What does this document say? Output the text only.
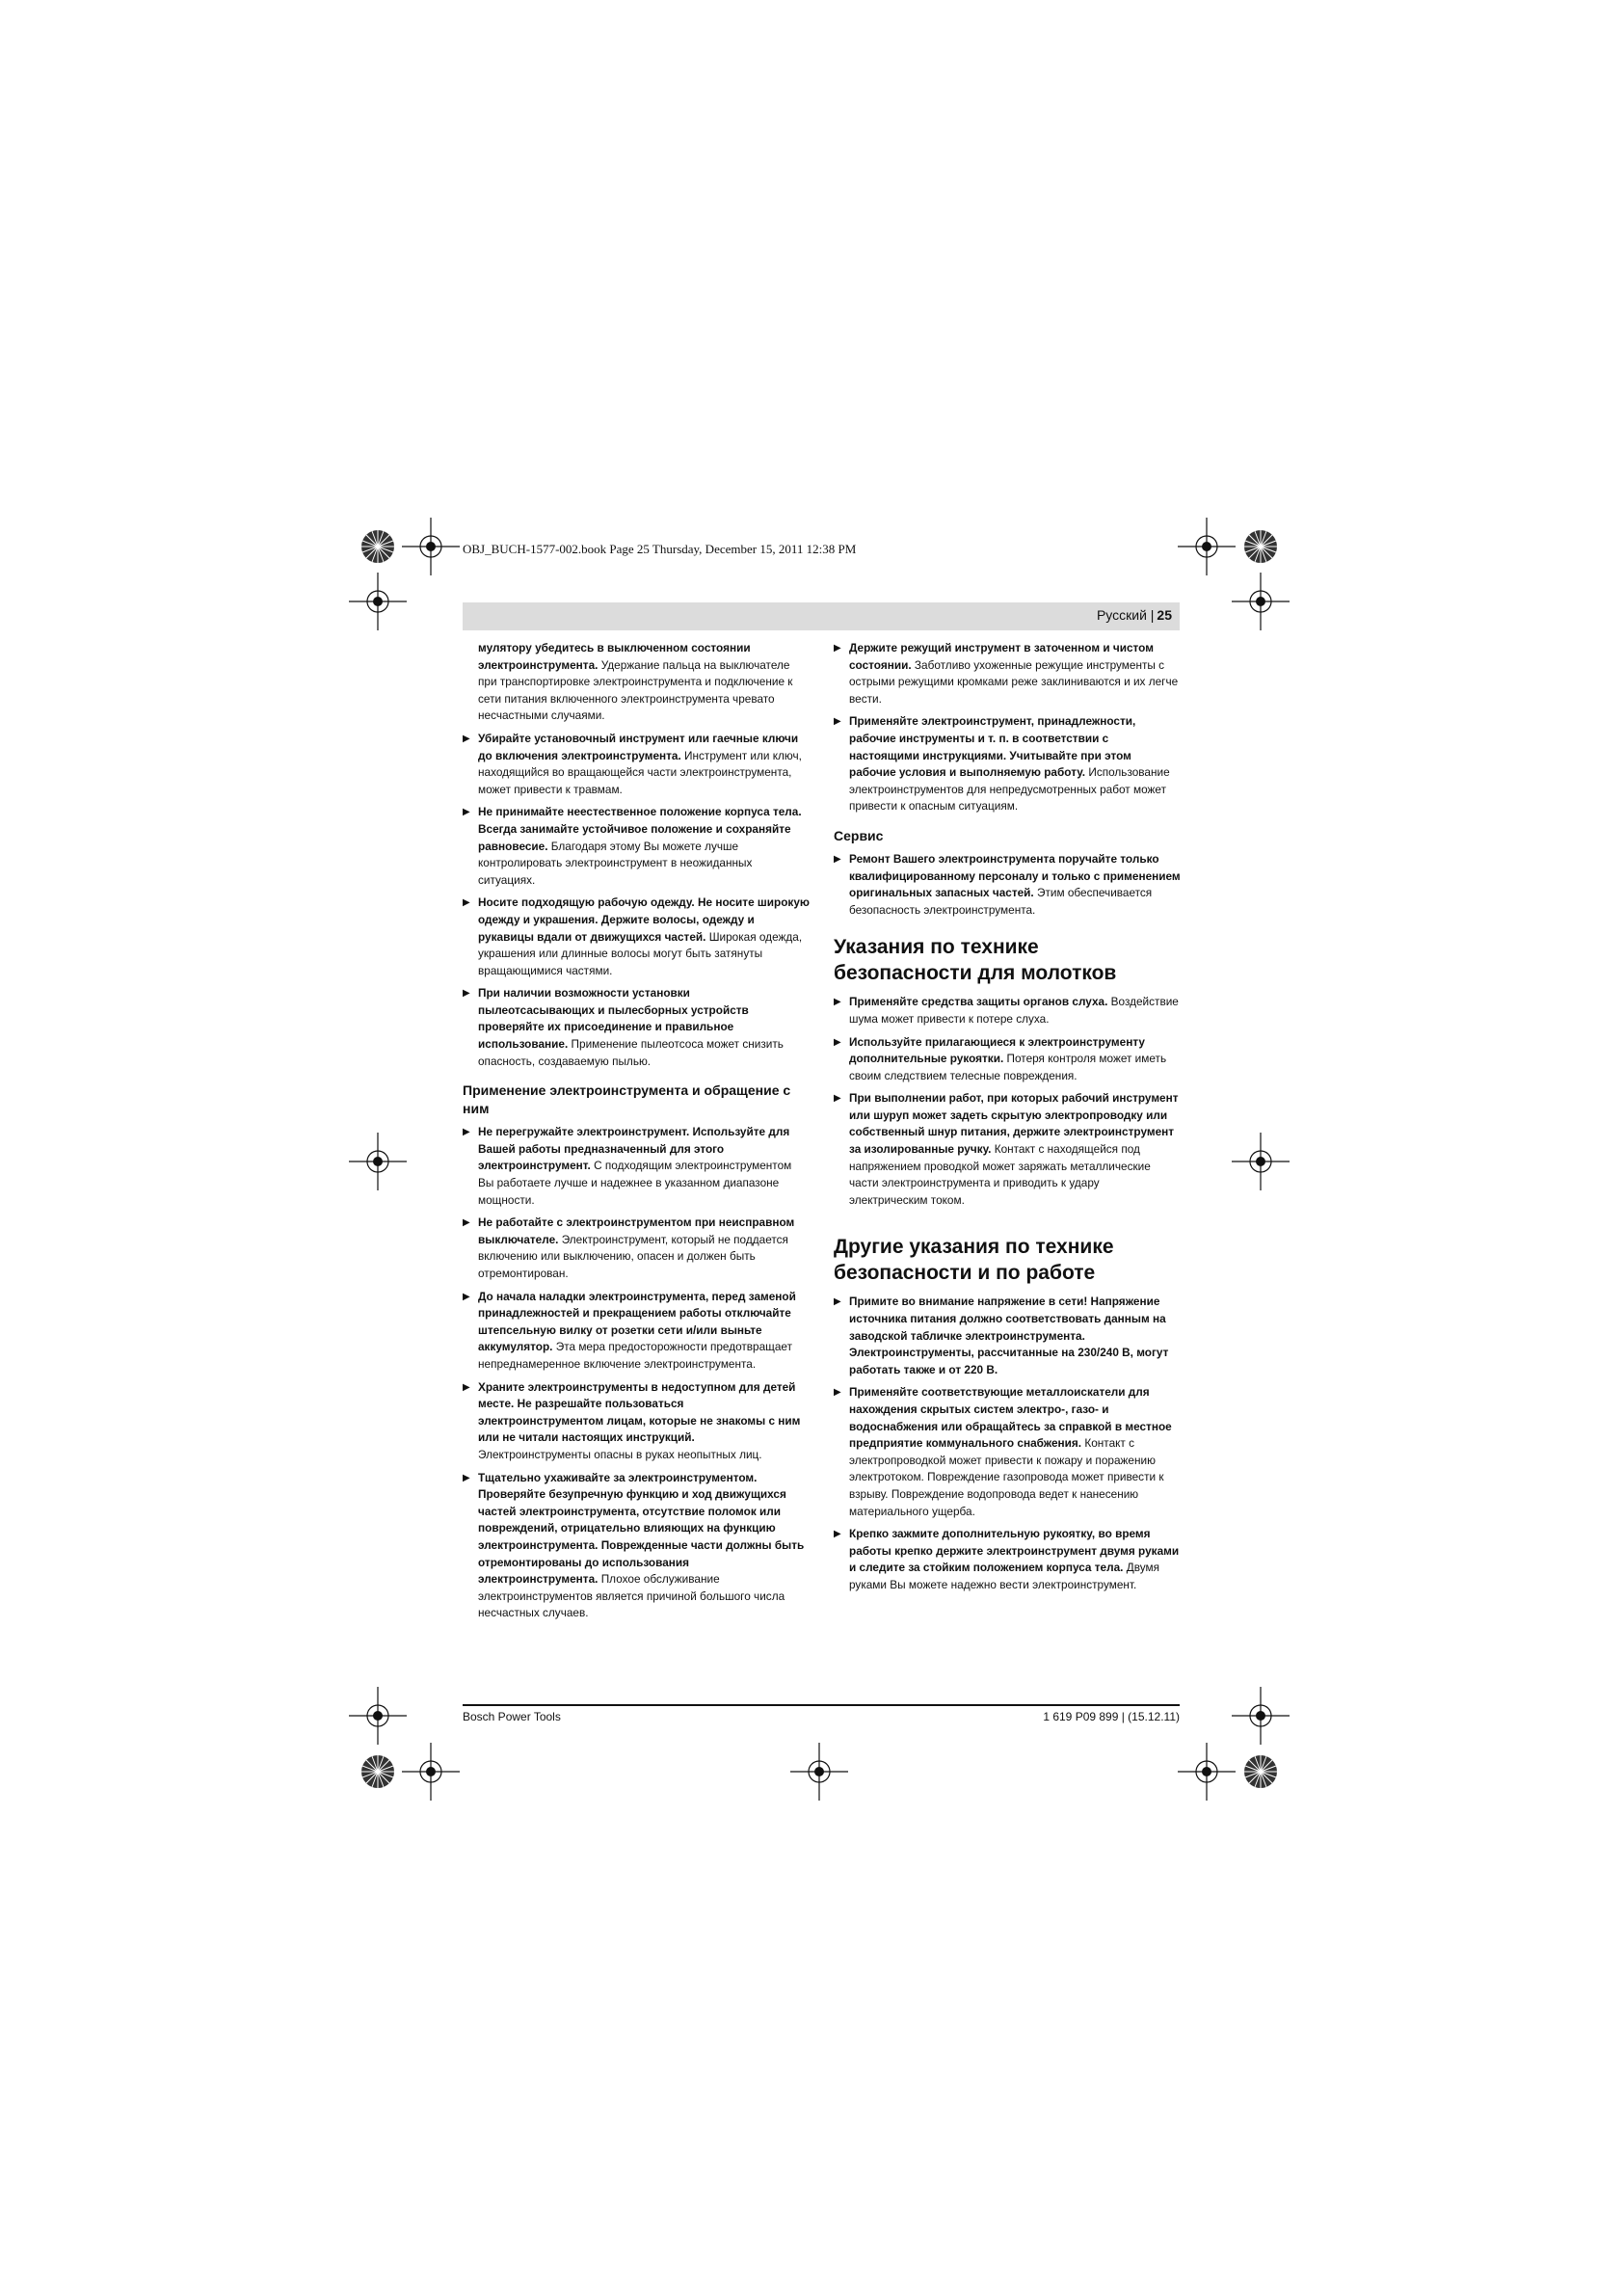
OBJ_BUCH-1577-002.book Page 25 Thursday, December 15, 2011 12:38 PM
Русский | 25
мулятору убедитесь в выключенном состоянии электроинструмента. Удержание пальца на выключателе при транспортировке электроинструмента и подключение к сети питания включенного электроинструмента чревато несчастными случаями.
▶ Убирайте установочный инструмент или гаечные ключи до включения электроинструмента. Инструмент или ключ, находящийся во вращающейся части электроинструмента, может привести к травмам.
▶ Не принимайте неестественное положение корпуса тела. Всегда занимайте устойчивое положение и сохраняйте равновесие. Благодаря этому Вы можете лучше контролировать электроинструмент в неожиданных ситуациях.
▶ Носите подходящую рабочую одежду. Не носите широкую одежду и украшения. Держите волосы, одежду и рукавицы вдали от движущихся частей. Широкая одежда, украшения или длинные волосы могут быть затянуты вращающимися частями.
▶ При наличии возможности установки пылеотсасывающих и пылесборных устройств проверяйте их присоединение и правильное использование. Применение пылеотсоса может снизить опасность, создаваемую пылью.
Применение электроинструмента и обращение с ним
▶ Не перегружайте электроинструмент. Используйте для Вашей работы предназначенный для этого электроинструмент. С подходящим электроинструментом Вы работаете лучше и надежнее в указанном диапазоне мощности.
▶ Не работайте с электроинструментом при неисправном выключателе. Электроинструмент, который не поддается включению или выключению, опасен и должен быть отремонтирован.
▶ До начала наладки электроинструмента, перед заменой принадлежностей и прекращением работы отключайте штепсельную вилку от розетки сети и/или выньте аккумулятор. Эта мера предосторожности предотвращает непреднамеренное включение электроинструмента.
▶ Храните электроинструменты в недоступном для детей месте. Не разрешайте пользоваться электроинструментом лицам, которые не знакомы с ним или не читали настоящих инструкций. Электроинструменты опасны в руках неопытных лиц.
▶ Тщательно ухаживайте за электроинструментом. Проверяйте безупречную функцию и ход движущихся частей электроинструмента, отсутствие поломок или повреждений, отрицательно влияющих на функцию электроинструмента. Поврежденные части должны быть отремонтированы до использования электроинструмента. Плохое обслуживание электроинструментов является причиной большого числа несчастных случаев.
▶ Держите режущий инструмент в заточенном и чистом состоянии. Заботливо ухоженные режущие инструменты с острыми режущими кромками реже заклиниваются и их легче вести.
▶ Применяйте электроинструмент, принадлежности, рабочие инструменты и т. п. в соответствии с настоящими инструкциями. Учитывайте при этом рабочие условия и выполняемую работу. Использование электроинструментов для непредусмотренных работ может привести к опасным ситуациям.
Сервис
▶ Ремонт Вашего электроинструмента поручайте только квалифицированному персоналу и только с применением оригинальных запасных частей. Этим обеспечивается безопасность электроинструмента.
Указания по технике безопасности для молотков
▶ Применяйте средства защиты органов слуха. Воздействие шума может привести к потере слуха.
▶ Используйте прилагающиеся к электроинструменту дополнительные рукоятки. Потеря контроля может иметь своим следствием телесные повреждения.
▶ При выполнении работ, при которых рабочий инструмент или шуруп может задеть скрытую электропроводку или собственный шнур питания, держите электроинструмент за изолированные ручку. Контакт с находящейся под напряжением проводкой может заряжать металлические части электроинструмента и приводить к удару электрическим током.
Другие указания по технике безопасности и по работе
▶ Примите во внимание напряжение в сети! Напряжение источника питания должно соответствовать данным на заводской табличке электроинструмента. Электроинструменты, рассчитанные на 230/240 В, могут работать также и от 220 В.
▶ Применяйте соответствующие металлоискатели для нахождения скрытых систем электро-, газо- и водоснабжения или обращайтесь за справкой в местное предприятие коммунального снабжения. Контакт с электропроводкой может привести к пожару и поражению электротоком. Повреждение газопровода может привести к взрыву. Повреждение водопровода ведет к нанесению материального ущерба.
▶ Крепко зажмите дополнительную рукоятку, во время работы крепко держите электроинструмент двумя руками и следите за стойким положением корпуса тела. Двумя руками Вы можете надежно вести электроинструмент.
Bosch Power Tools	1 619 P09 899 | (15.12.11)
